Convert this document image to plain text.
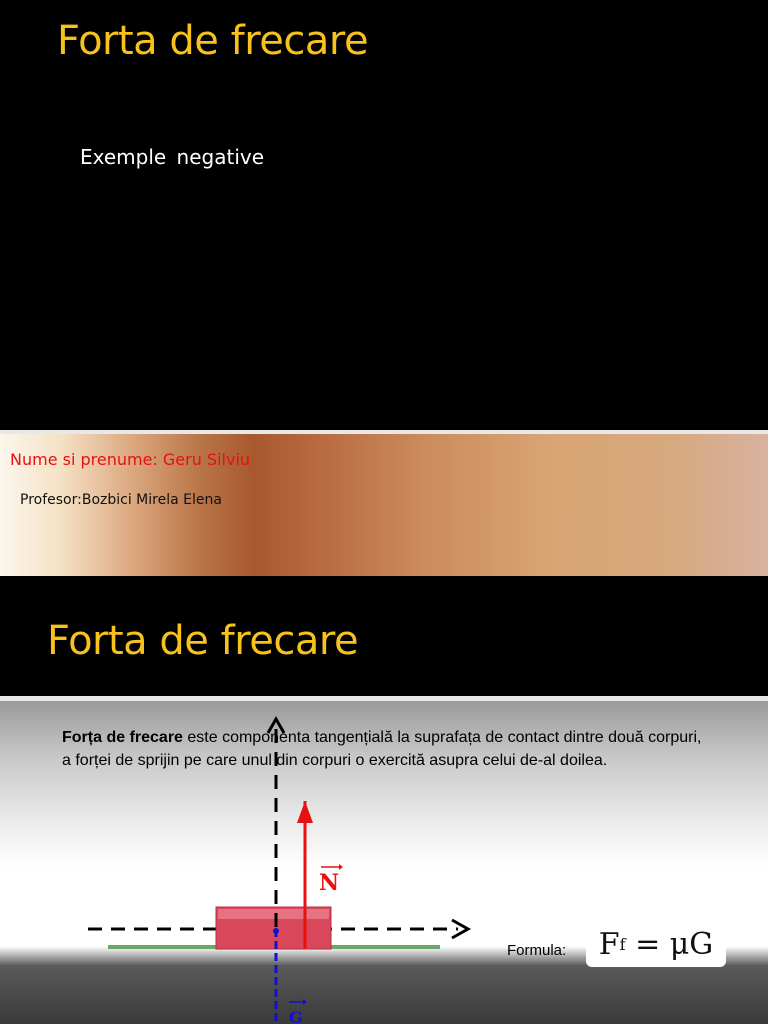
Forta de frecare
Exemple negative
Nume si prenume: Geru Silviu
Profesor:Bozbici Mirela Elena
Forta de frecare
N
G
Forța de frecare este componenta tangențială la suprafața de contact dintre două corpuri, a forței de sprijin pe care unul din corpuri o exercită asupra celui de-al doilea.
Formula: F f
= μG
